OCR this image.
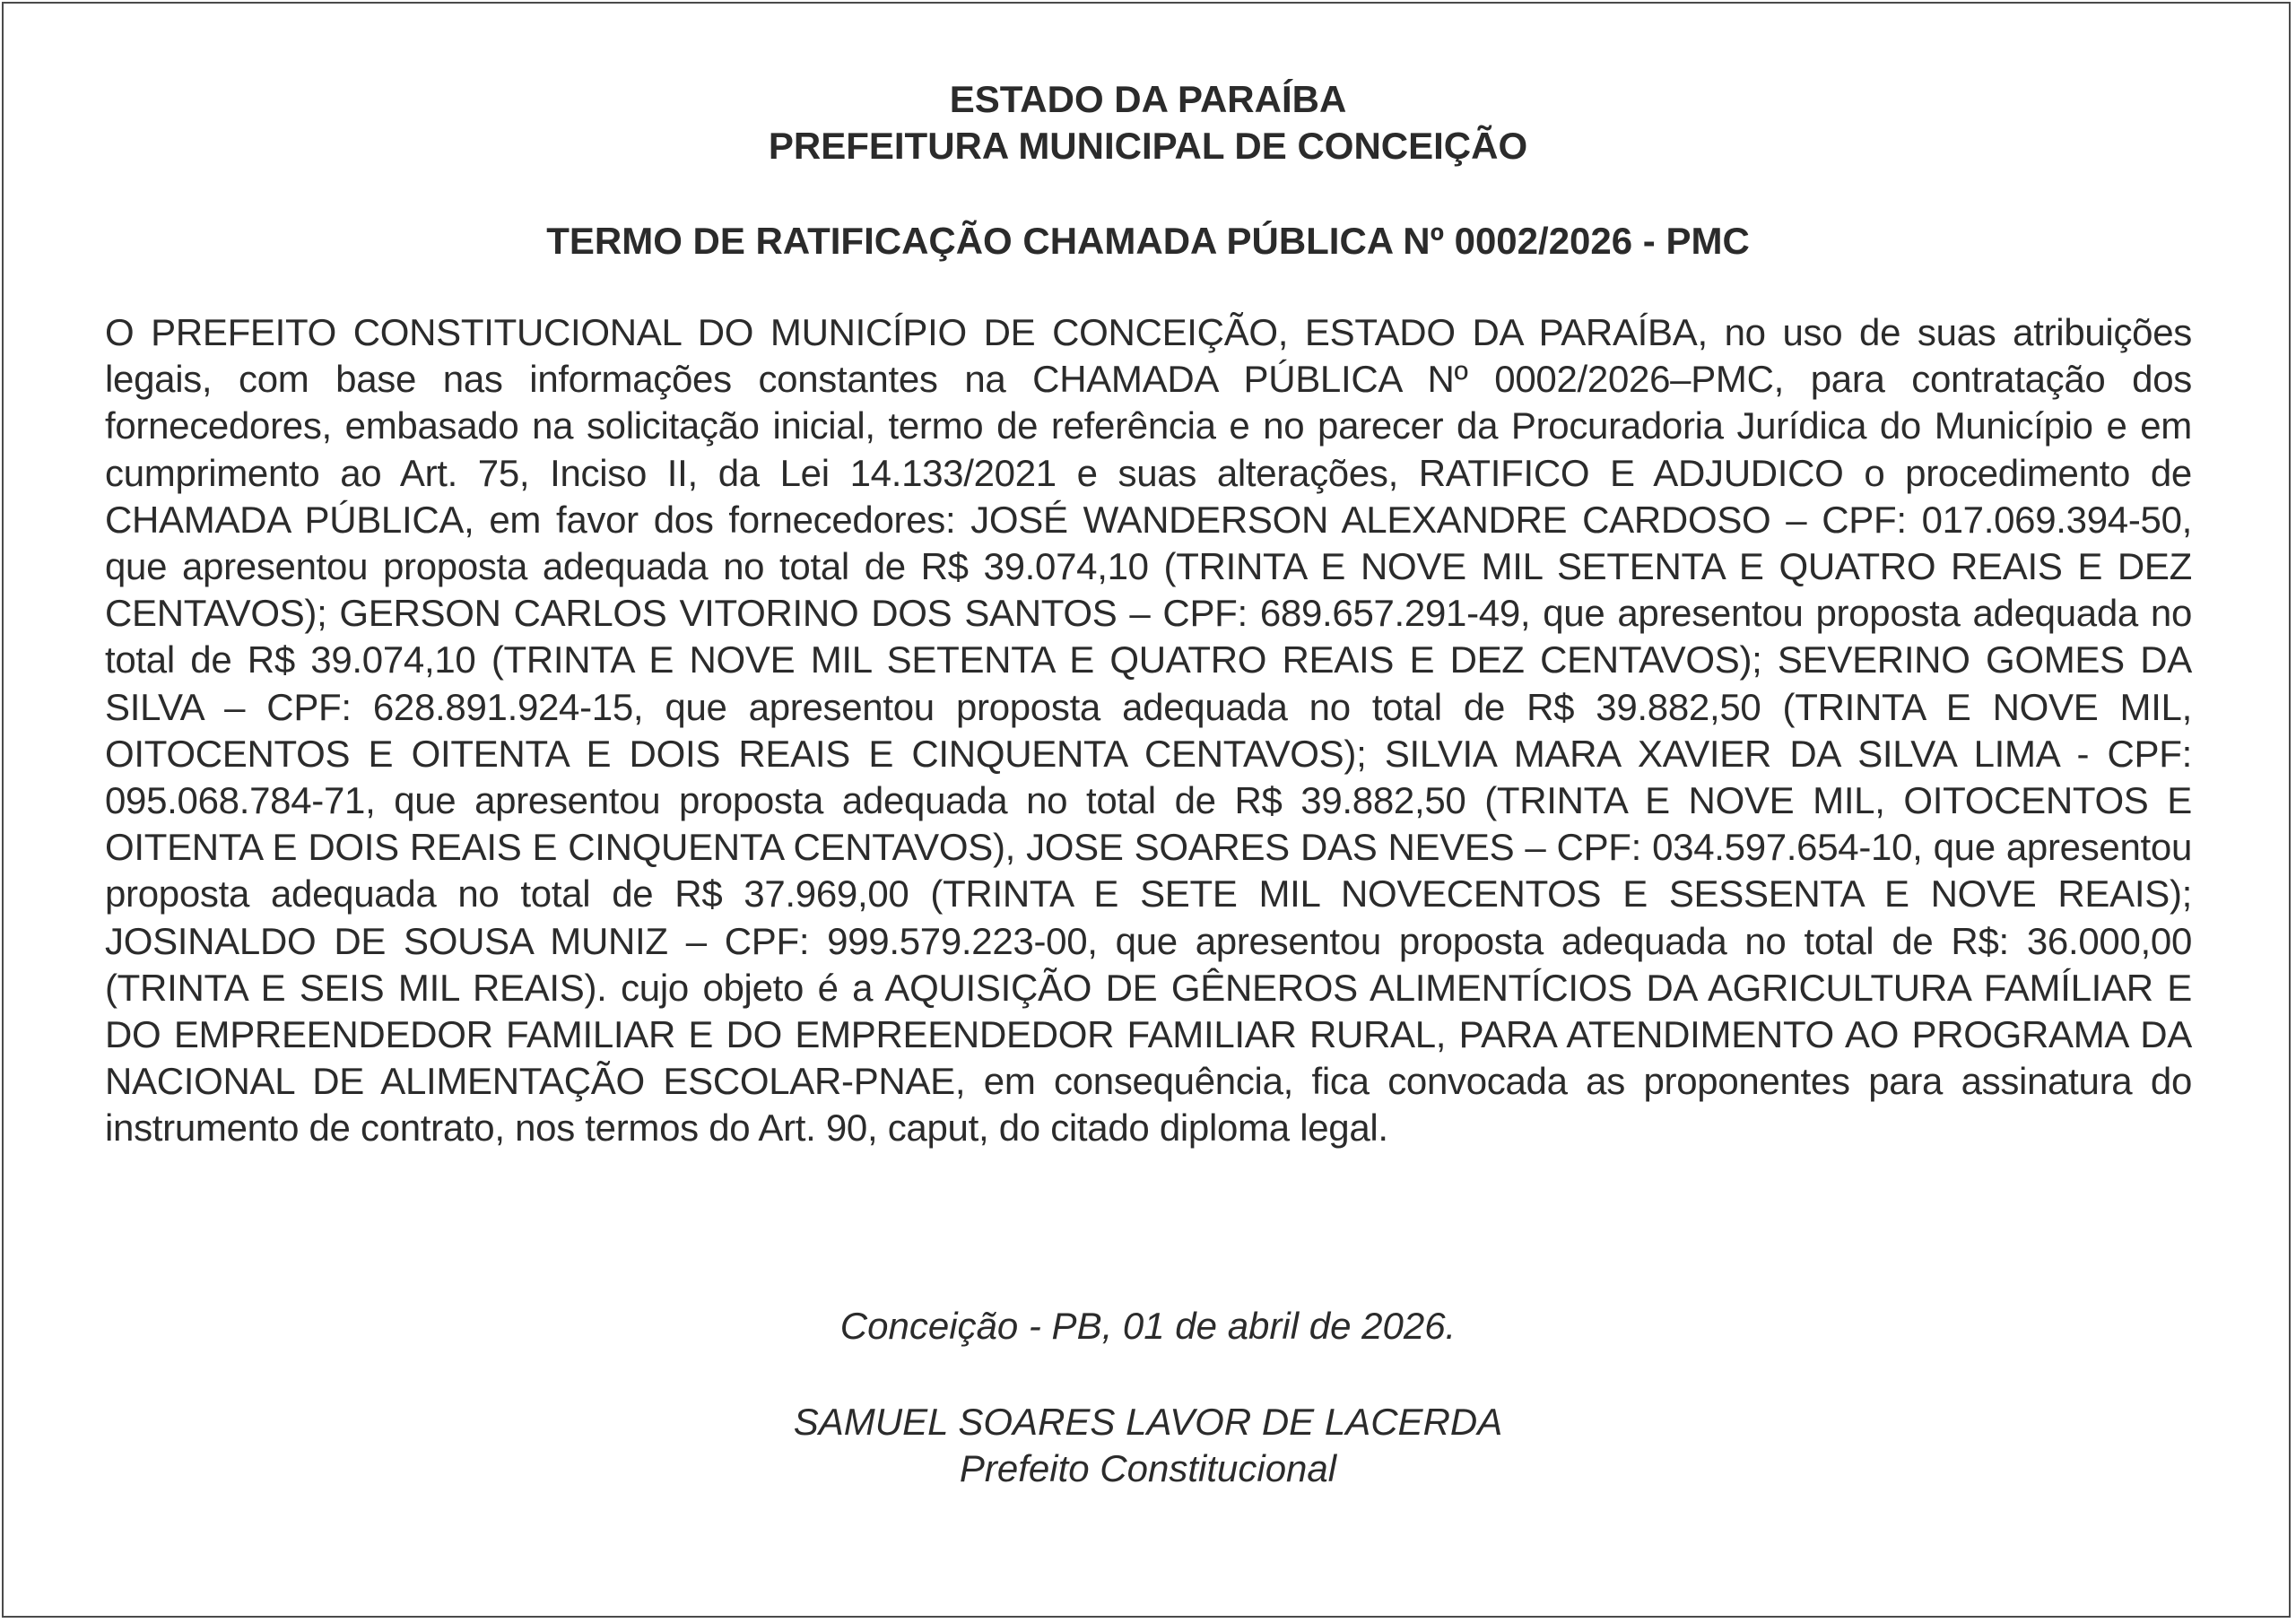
ESTADO DA PARAÍBA
PREFEITURA MUNICIPAL DE CONCEIÇÃO
TERMO DE RATIFICAÇÃO CHAMADA PÚBLICA Nº 0002/2026 - PMC
O PREFEITO CONSTITUCIONAL DO MUNICÍPIO DE CONCEIÇÃO, ESTADO DA PARAÍBA, no uso de suas atribuições legais, com base nas informações constantes na CHAMADA PÚBLICA Nº 0002/2026–PMC, para contratação dos fornecedores, embasado na solicitação inicial, termo de referência e no parecer da Procuradoria Jurídica do Município e em cumprimento ao Art. 75, Inciso II, da Lei 14.133/2021 e suas alterações, RATIFICO E ADJUDICO o procedimento de CHAMADA PÚBLICA, em favor dos fornecedores: JOSÉ WANDERSON ALEXANDRE CARDOSO – CPF: 017.069.394-50, que apresentou proposta adequada no total de R$ 39.074,10 (TRINTA E NOVE MIL SETENTA E QUATRO REAIS E DEZ CENTAVOS); GERSON CARLOS VITORINO DOS SANTOS – CPF: 689.657.291-49, que apresentou proposta adequada no total de R$ 39.074,10 (TRINTA E NOVE MIL SETENTA E QUATRO REAIS E DEZ CENTAVOS); SEVERINO GOMES DA SILVA – CPF: 628.891.924-15, que apresentou proposta adequada no total de R$ 39.882,50 (TRINTA E NOVE MIL, OITOCENTOS E OITENTA E DOIS REAIS E CINQUENTA CENTAVOS); SILVIA MARA XAVIER DA SILVA LIMA - CPF: 095.068.784-71, que apresentou proposta adequada no total de R$ 39.882,50 (TRINTA E NOVE MIL, OITOCENTOS E OITENTA E DOIS REAIS E CINQUENTA CENTAVOS), JOSE SOARES DAS NEVES – CPF: 034.597.654-10, que apresentou proposta adequada no total de R$ 37.969,00 (TRINTA E SETE MIL NOVECENTOS E SESSENTA E NOVE REAIS); JOSINALDO DE SOUSA MUNIZ – CPF: 999.579.223-00, que apresentou proposta adequada no total de R$: 36.000,00 (TRINTA E SEIS MIL REAIS). cujo objeto é a AQUISIÇÃO DE GÊNEROS ALIMENTÍCIOS DA AGRICULTURA FAMÍLIAR E DO EMPREENDEDOR FAMILIAR E DO EMPREENDEDOR FAMILIAR RURAL, PARA ATENDIMENTO AO PROGRAMA DA NACIONAL DE ALIMENTAÇÃO ESCOLAR-PNAE, em consequência, fica convocada as proponentes para assinatura do instrumento de contrato, nos termos do Art. 90, caput, do citado diploma legal.
Conceição - PB, 01 de abril de 2026.
SAMUEL SOARES LAVOR DE LACERDA
Prefeito Constitucional
